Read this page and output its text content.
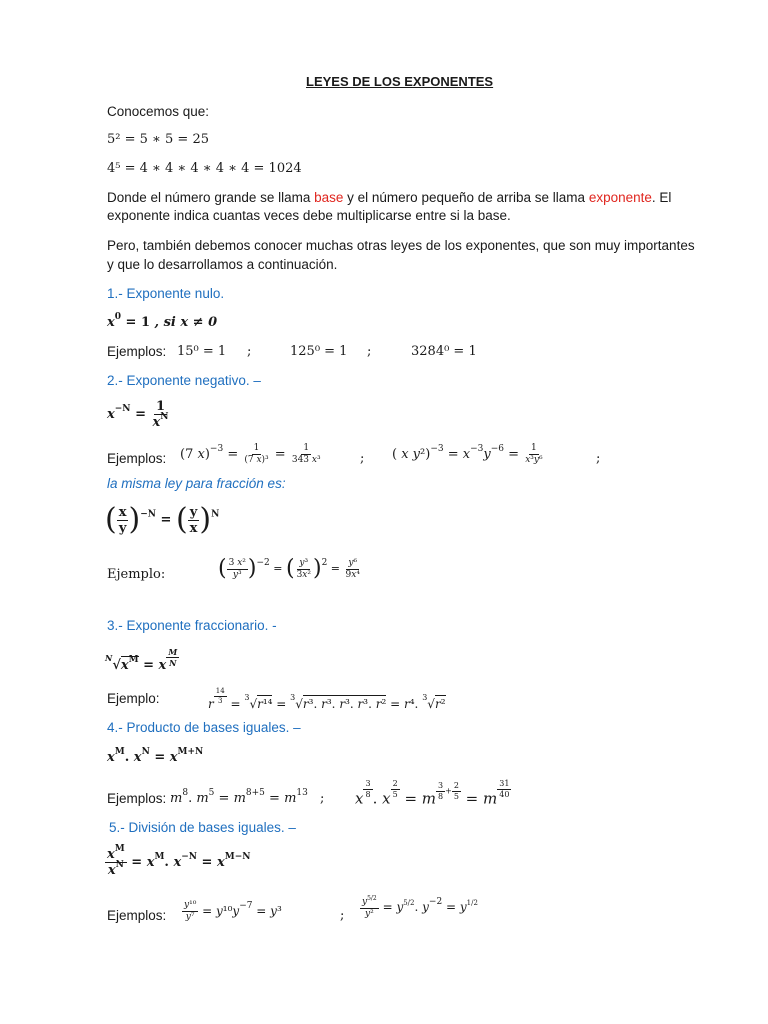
LEYES DE LOS EXPONENTES
Conocemos que:
5² = 5 ∗ 5 = 25
4⁵ = 4 ∗ 4 ∗ 4 ∗ 4 ∗ 4 = 1024
Donde el número grande se llama base y el número pequeño de arriba se llama exponente. El
exponente indica cuantas veces debe multiplicarse entre si la base.
Pero, también debemos conocer muchas otras leyes de los exponentes, que son muy importantes
y que lo desarrollamos a continuación.
1.- Exponente nulo.
$x^0 = 1$ , si x ≠ 0
Ejemplos: 15⁰ = 1 ;	125⁰ = 1 ;	3284⁰ = 1
2.- Exponente negativo. –
$x^{-N} = \frac{1}{x^N}$
Ejemplos: (7 $x)^{-3} = \frac{1}{\text{(7 x)³}} = \frac{1}{\text{343 x³}}$	; ( x $y^2)^{-3} = x^{-3}y^{-6} = \frac{1}{\text{x³y⁶}}$	;
la misma ley para fracción es:
( $\frac{x}{y} )^{-N}$ = ( $\frac{y}{x} )^N$
Ejemplo: ( $\frac{\text{3 x²}}{\text{y³}} )^{-2}$ = ( $\frac{\text{y³}}{\text{3x²}} )^2 = \frac{\text{y⁶}}{\text{9x⁴}}$
3.- Exponente fraccionario. -
$^N√x^M = x \frac{M}{N}$
Ejemplo:	r $\frac{14}{3} = ^3√r^{14} = ^3√r^3$. r³. r³. r³. r² = r⁴. $^3$√r²
4.- Producto de bases iguales. –
$x^M$. $x^N = x^{M+N}$
Ejemplos: $m^8$. $m^5 = m^{8+5} = m^{13}$ ; x $\frac{3}{8}$ . x $\frac{2}{5} = m \frac{3}{8} + \frac{2}{5} = m \frac{31}{40}$
5.- División de bases iguales. –
$\frac{x^M}{x^N} = x^M$. $x^{-N} = x^{M-N}$
Ejemplos: $\frac{\text{y¹⁰}}{\text{y⁷}} = y^{10}y^{-7} = y^3$	; $\frac{y^{5/2}}{\text{y²}} = y^{5/2}$. $y^{-2} = y^{1/2}$
